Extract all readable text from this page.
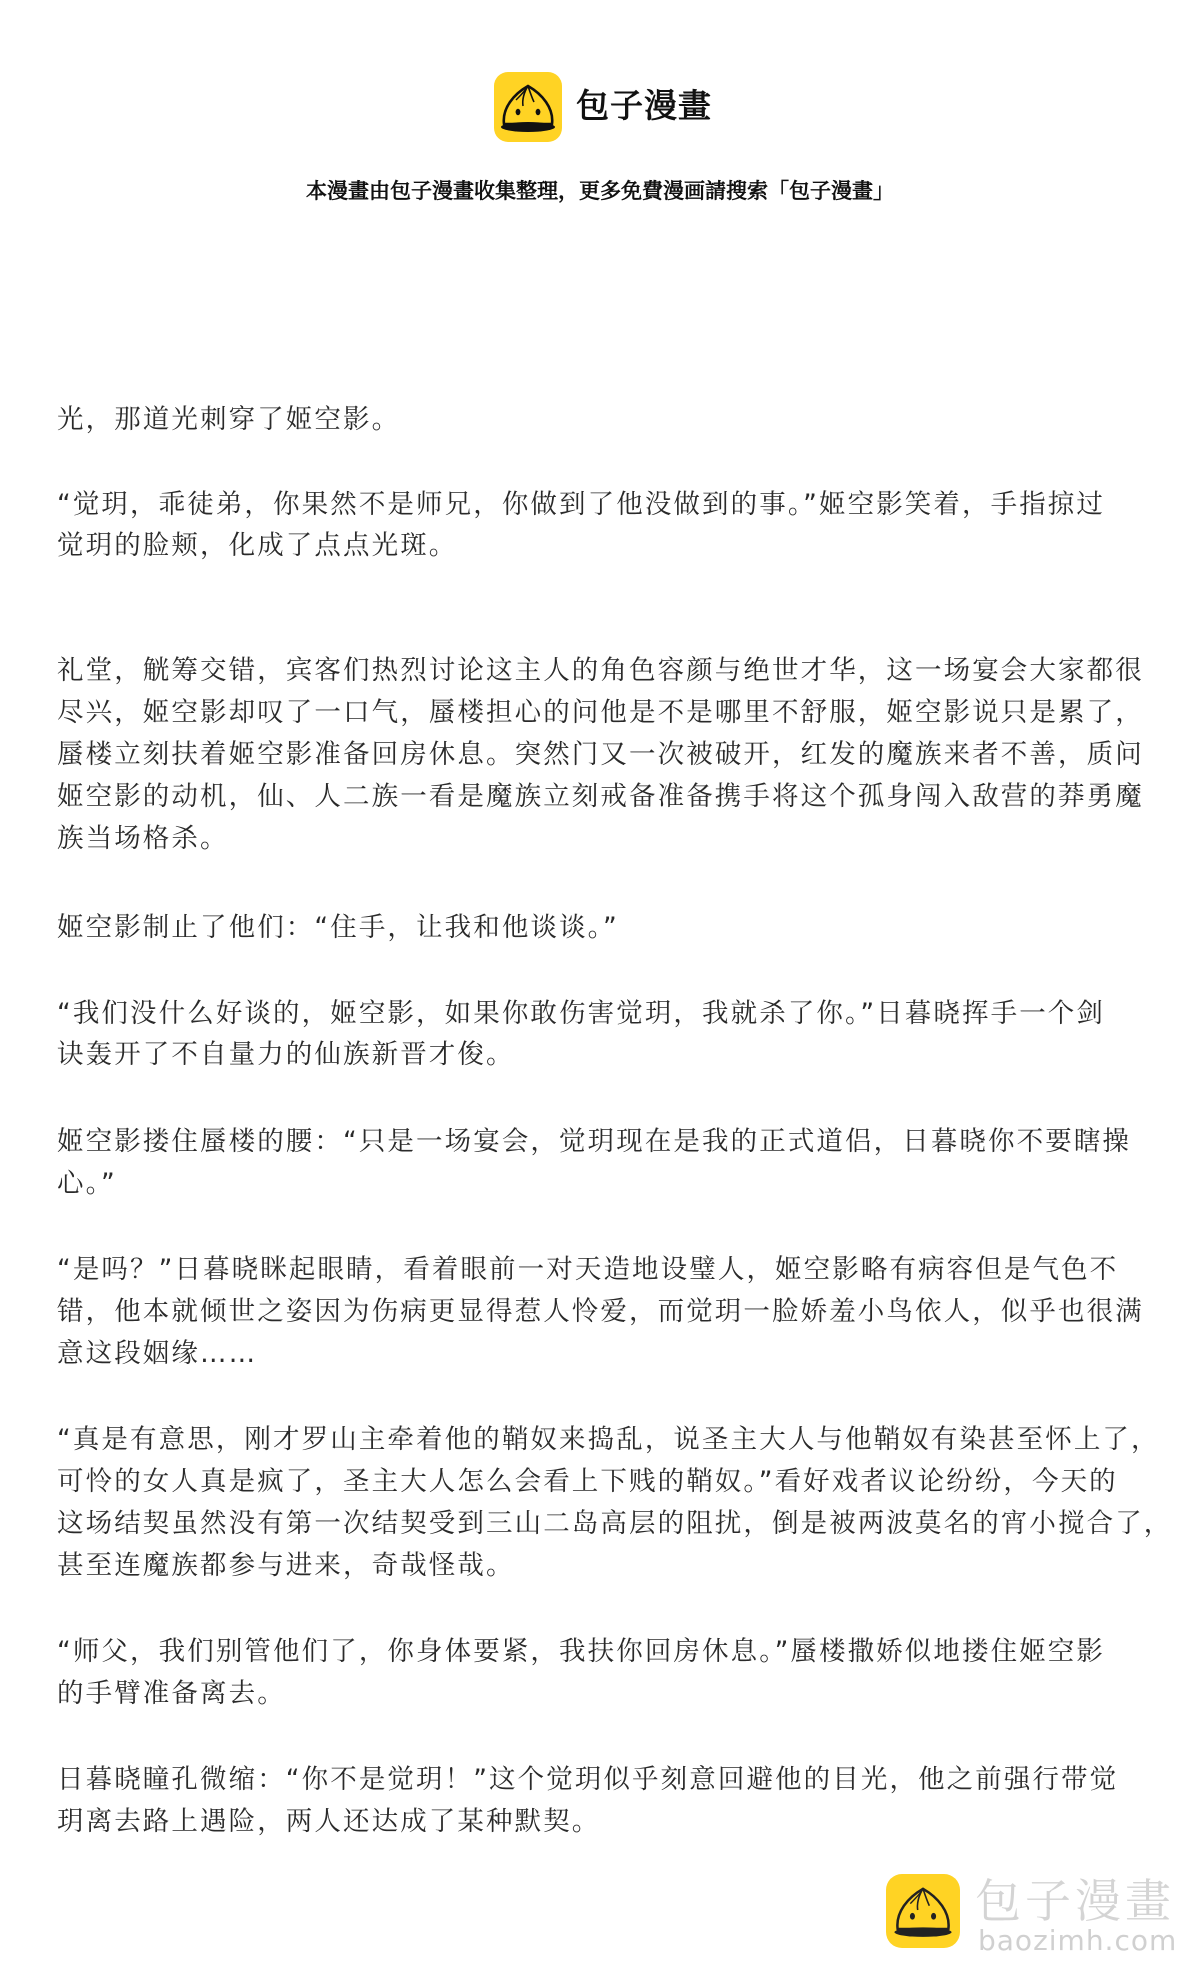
包子漫畫
本漫畫由包子漫畫收集整理，更多免費漫画請搜索「包子漫畫」
光，那道光刺穿了姬空影。
“觉玥，乖徒弟，你果然不是师兄，你做到了他没做到的事。”姬空影笑着，手指掠过
觉玥的脸颊，化成了点点光斑。
礼堂，觥筹交错，宾客们热烈讨论这主人的角色容颜与绝世才华，这一场宴会大家都很
尽兴，姬空影却叹了一口气，蜃楼担心的问他是不是哪里不舒服，姬空影说只是累了，
蜃楼立刻扶着姬空影准备回房休息。突然门又一次被破开，红发的魔族来者不善，质问
姬空影的动机，仙、人二族一看是魔族立刻戒备准备携手将这个孤身闯入敌营的莽勇魔
族当场格杀。
姬空影制止了他们：“住手，让我和他谈谈。”
“我们没什么好谈的，姬空影，如果你敢伤害觉玥，我就杀了你。”日暮晓挥手一个剑
诀轰开了不自量力的仙族新晋才俊。
姬空影搂住蜃楼的腰：“只是一场宴会，觉玥现在是我的正式道侣，日暮晓你不要瞎操
心。”
“是吗？”日暮晓眯起眼睛，看着眼前一对天造地设璧人，姬空影略有病容但是气色不
错，他本就倾世之姿因为伤病更显得惹人怜爱，而觉玥一脸娇羞小鸟依人，似乎也很满
意这段姻缘……
“真是有意思，刚才罗山主牵着他的鞘奴来捣乱，说圣主大人与他鞘奴有染甚至怀上了，
可怜的女人真是疯了，圣主大人怎么会看上下贱的鞘奴。”看好戏者议论纷纷，今天的
这场结契虽然没有第一次结契受到三山二岛高层的阻扰，倒是被两波莫名的宵小搅合了，
甚至连魔族都参与进来，奇哉怪哉。
“师父，我们别管他们了，你身体要紧，我扶你回房休息。”蜃楼撒娇似地搂住姬空影
的手臂准备离去。
日暮晓瞳孔微缩：“你不是觉玥！”这个觉玥似乎刻意回避他的目光，他之前强行带觉
玥离去路上遇险，两人还达成了某种默契。
包子漫畫
baozimh.com
